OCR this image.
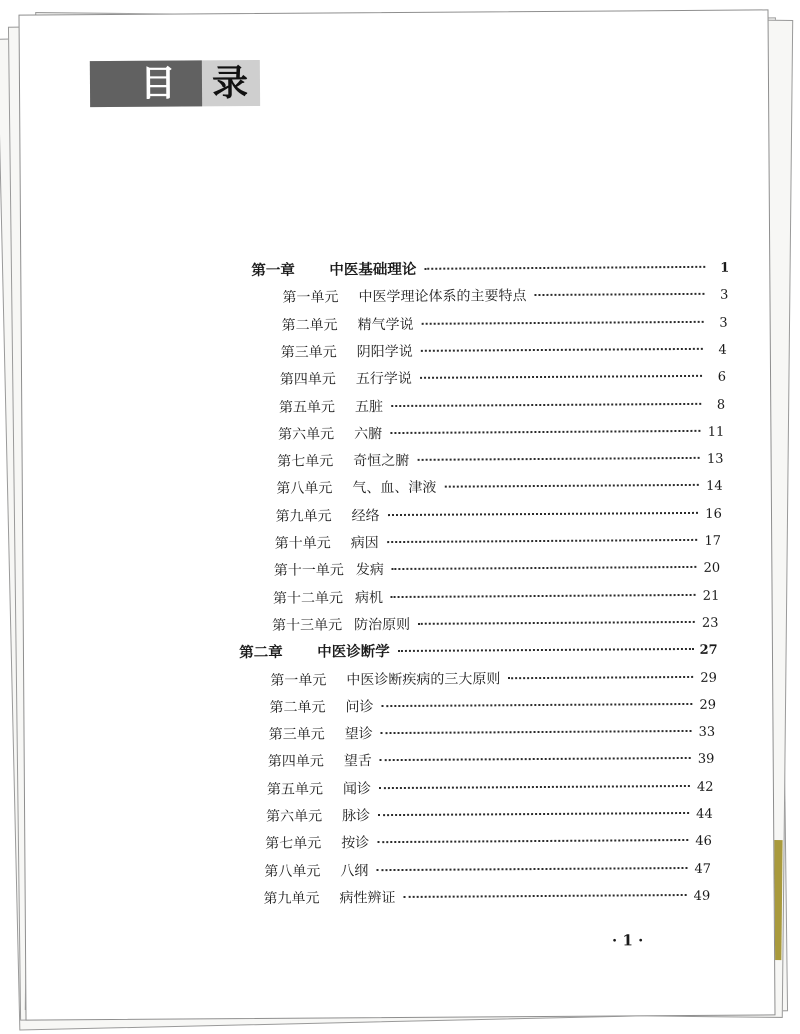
目 录
第一章	中医基础理论	1
第一单元	中医学理论体系的主要特点	3
第二单元	精气学说	3
第三单元	阴阳学说	4
第四单元	五行学说	6
第五单元	五脏	8
第六单元	六腑	11
第七单元	奇恒之腑	13
第八单元	气、血、津液	14
第九单元	经络	16
第十单元	病因	17
第十一单元 发病	20
第十二单元 病机	21
第十三单元 防治原则	23
第二章	中医诊断学	27
第一单元	中医诊断疾病的三大原则	29
第二单元	问诊	29
第三单元	望诊	33
第四单元	望舌	39
第五单元	闻诊	42
第六单元	脉诊	44
第七单元	按诊	46
第八单元	八纲	47
第九单元	病性辨证	49
· 1 ·
